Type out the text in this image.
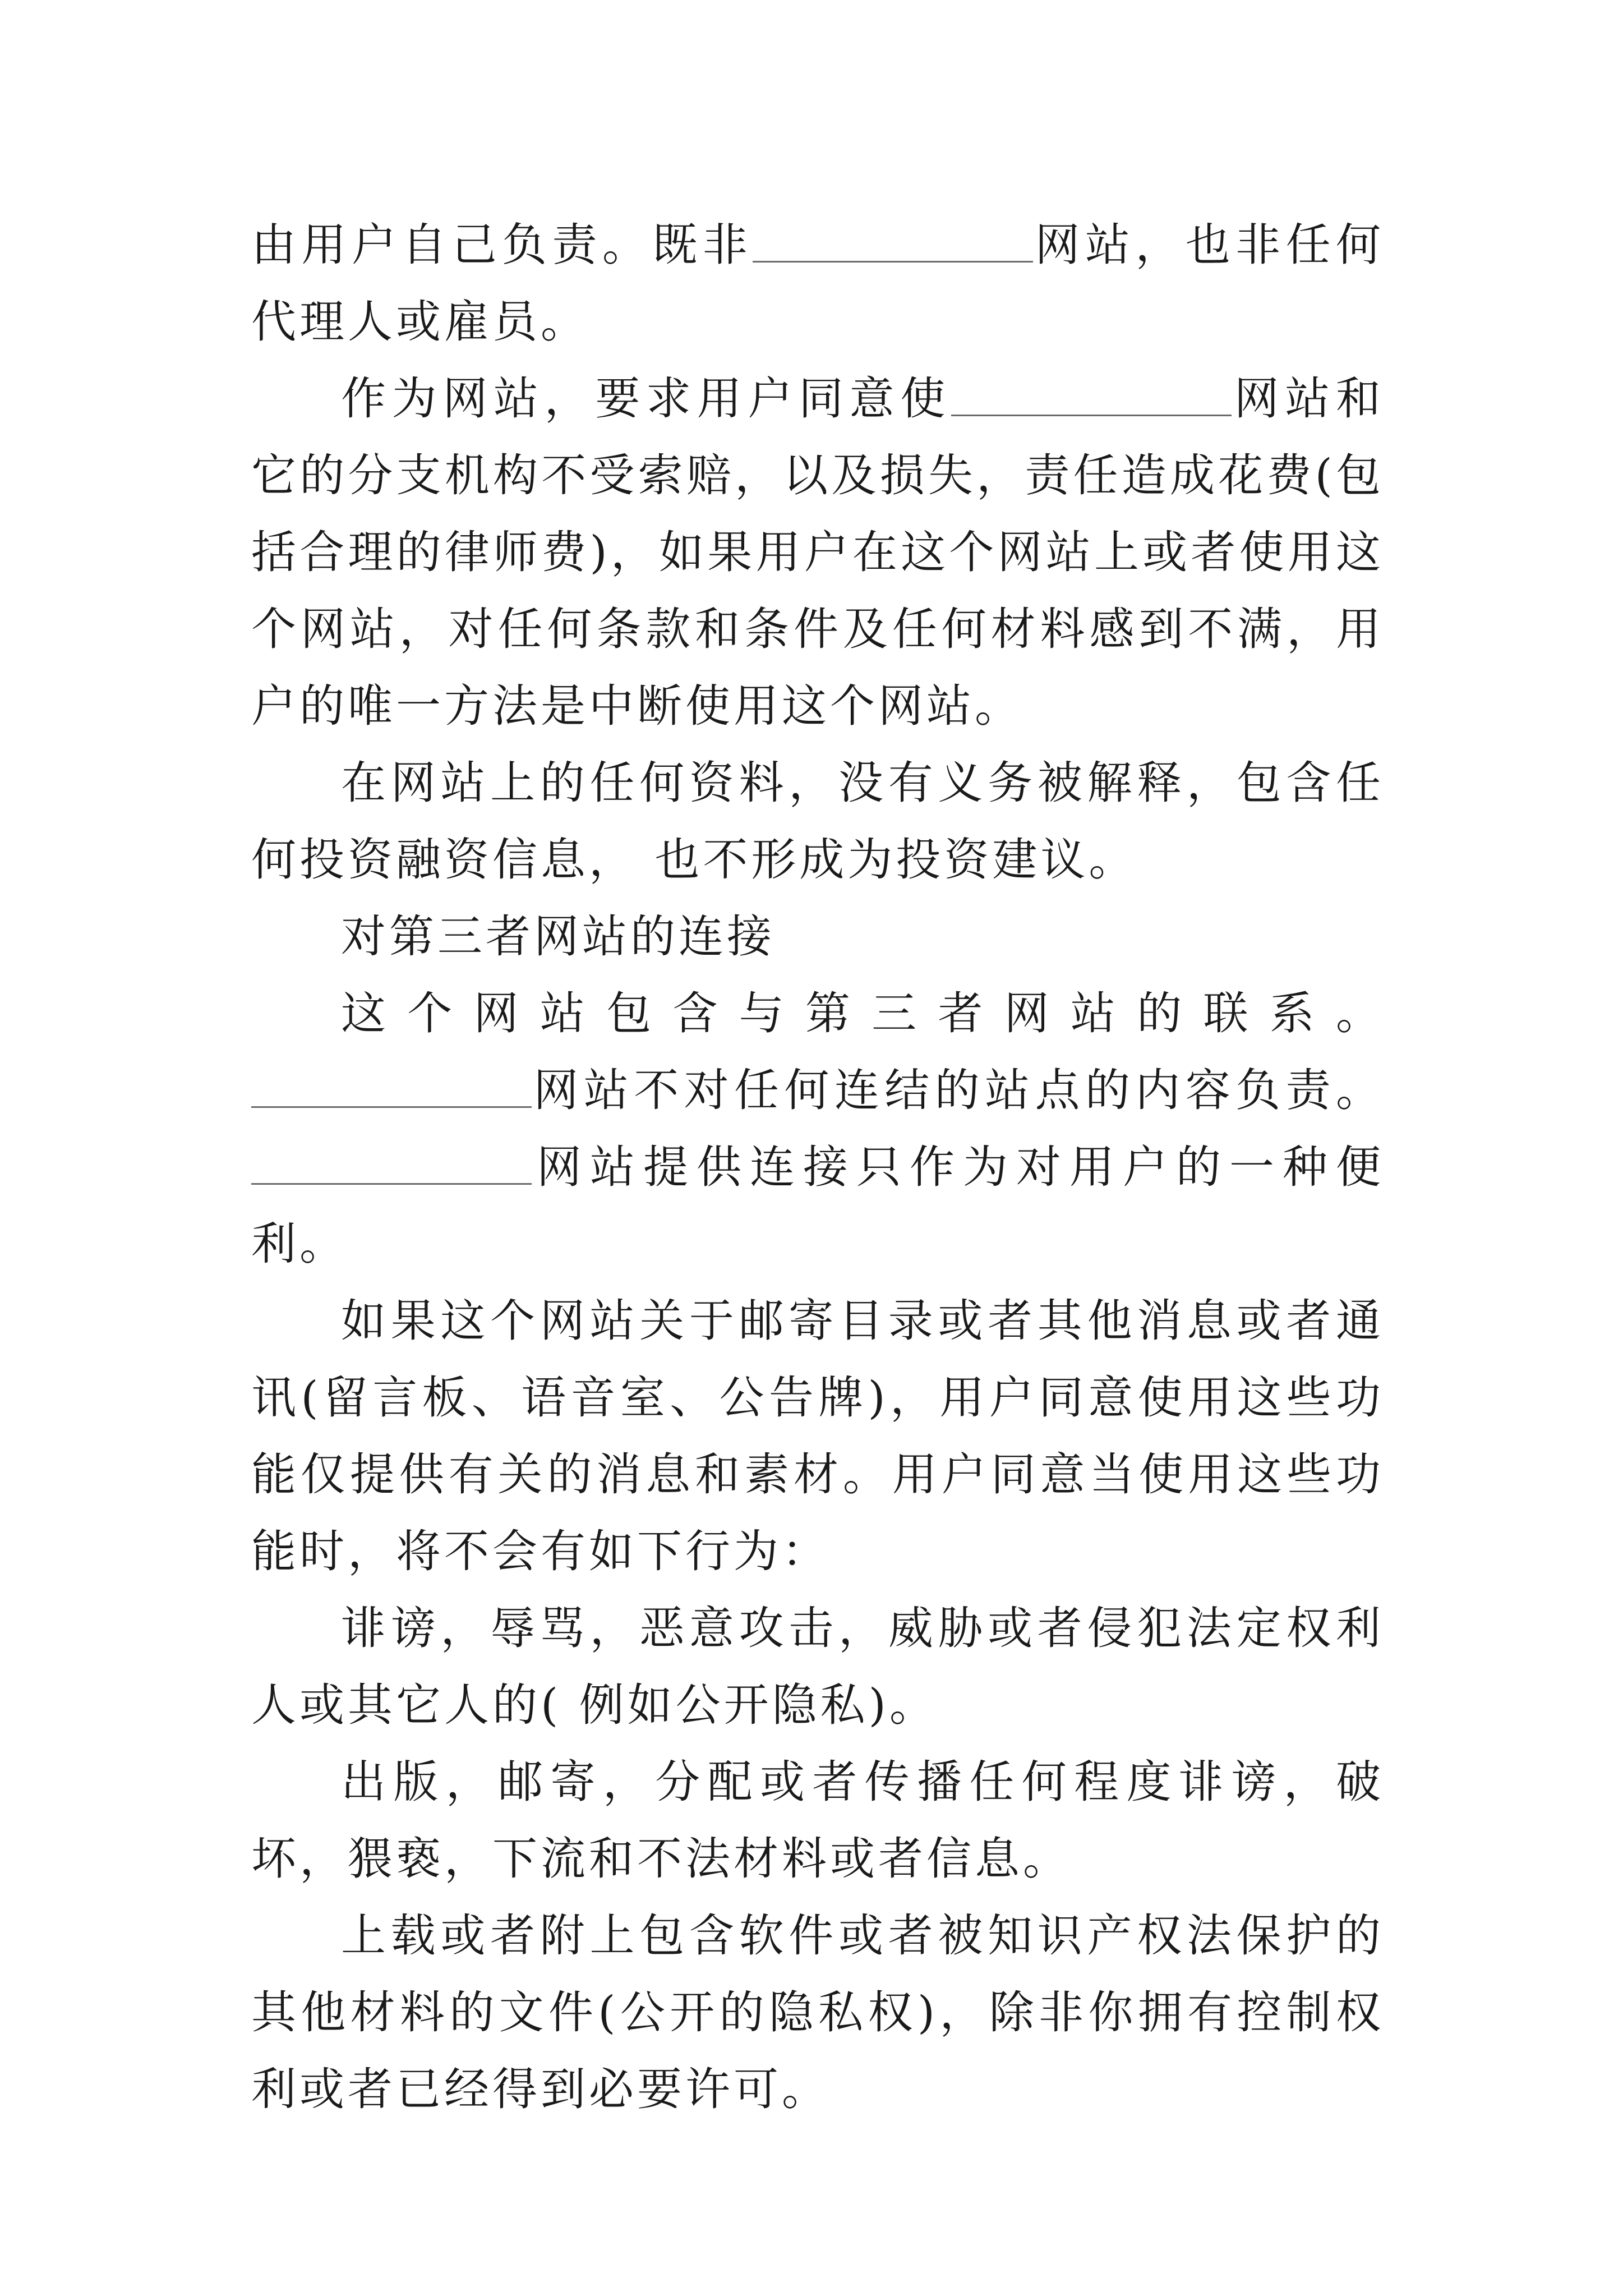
由用户自己负责。既非	网站，也非任何代理人或雇员。

作为网站，要求用户同意使	网站和它的分支机构不受索赔，以及损失，责任造成花费(包括合理的律师费)，如果用户在这个网站上或者使用这个网站，对任何条款和条件及任何材料感到不满，用户的唯一方法是中断使用这个网站。

在网站上的任何资料，没有义务被解释，包含任何投资融资信息， 也不形成为投资建议。

对第三者网站的连接

这个网站包含与第三者网站的联系。网站不对任何连结的站点的内容负责。网站提供连接只作为对用户的一种便利。

如果这个网站关于邮寄目录或者其他消息或者通讯(留言板、语音室、公告牌)，用户同意使用这些功能仅提供有关的消息和素材。用户同意当使用这些功能时，将不会有如下行为：

诽谤，辱骂，恶意攻击，威胁或者侵犯法定权利人或其它人的( 例如公开隐私)。

出版，邮寄，分配或者传播任何程度诽谤，破坏，猥亵，下流和不法材料或者信息。

上载或者附上包含软件或者被知识产权法保护的其他材料的文件(公开的隐私权)，除非你拥有控制权利或者已经得到必要许可。
